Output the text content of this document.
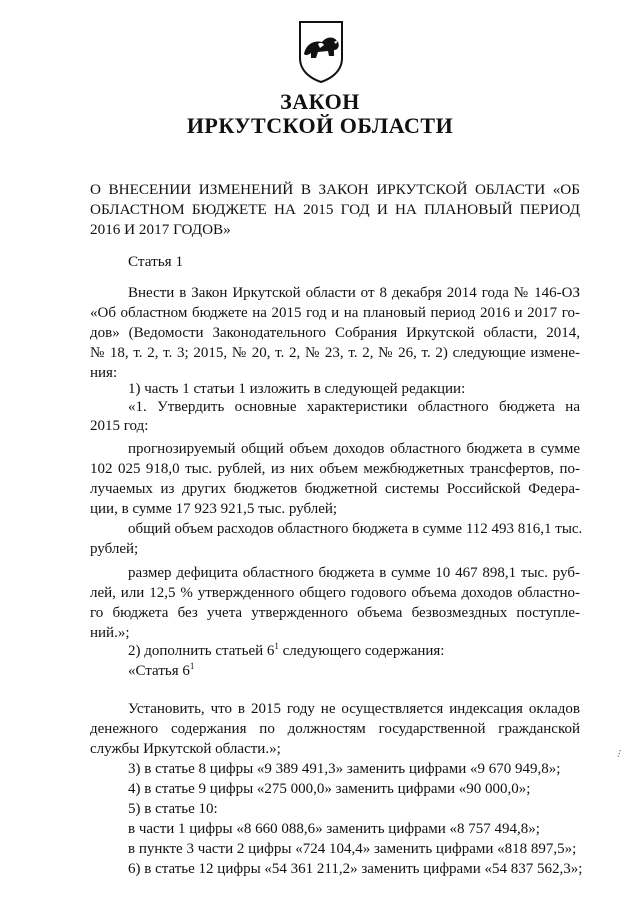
ЗАКОН
ИРКУТСКОЙ ОБЛАСТИ
О ВНЕСЕНИИ ИЗМЕНЕНИЙ В ЗАКОН ИРКУТСКОЙ ОБЛАСТИ «ОБ ОБЛАСТНОМ БЮДЖЕТЕ НА 2015 ГОД И НА ПЛАНОВЫЙ ПЕРИОД 2016 И 2017 ГОДОВ»
Статья 1
Внести в Закон Иркутской области от 8 декабря 2014 года № 146-ОЗ
«Об областном бюджете на 2015 год и на плановый период 2016 и 2017 го-
дов» (Ведомости Законодательного Собрания Иркутской области, 2014,
№ 18, т. 2, т. 3; 2015, № 20, т. 2, № 23, т. 2, № 26, т. 2) следующие измене-
ния:
1) часть 1 статьи 1 изложить в следующей редакции:
«1. Утвердить основные характеристики областного бюджета на
2015 год:
прогнозируемый общий объем доходов областного бюджета в сумме
102 025 918,0 тыс. рублей, из них объем межбюджетных трансфертов, по-
лучаемых из других бюджетов бюджетной системы Российской Федера-
ции, в сумме 17 923 921,5 тыс. рублей;
общий объем расходов областного бюджета в сумме 112 493 816,1 тыс.
рублей;
размер дефицита областного бюджета в сумме 10 467 898,1 тыс. руб-
лей, или 12,5 % утвержденного общего годового объема доходов областно-
го бюджета без учета утвержденного объема безвозмездных поступле-
ний.»;
2) дополнить статьей $6^1$ следующего содержания:
«Статья $6^1$
Установить, что в 2015 году не осуществляется индексация окладов
денежного содержания по должностям государственной гражданской
службы Иркутской области.»;
3) в статье 8 цифры «9 389 491,3» заменить цифрами «9 670 949,8»;
4) в статье 9 цифры «275 000,0» заменить цифрами «90 000,0»;
5) в статье 10:
в части 1 цифры «8 660 088,6» заменить цифрами «8 757 494,8»;
в пункте 3 части 2 цифры «724 104,4» заменить цифрами «818 897,5»;
6) в статье 12 цифры «54 361 211,2» заменить цифрами «54 837 562,3»;
...
